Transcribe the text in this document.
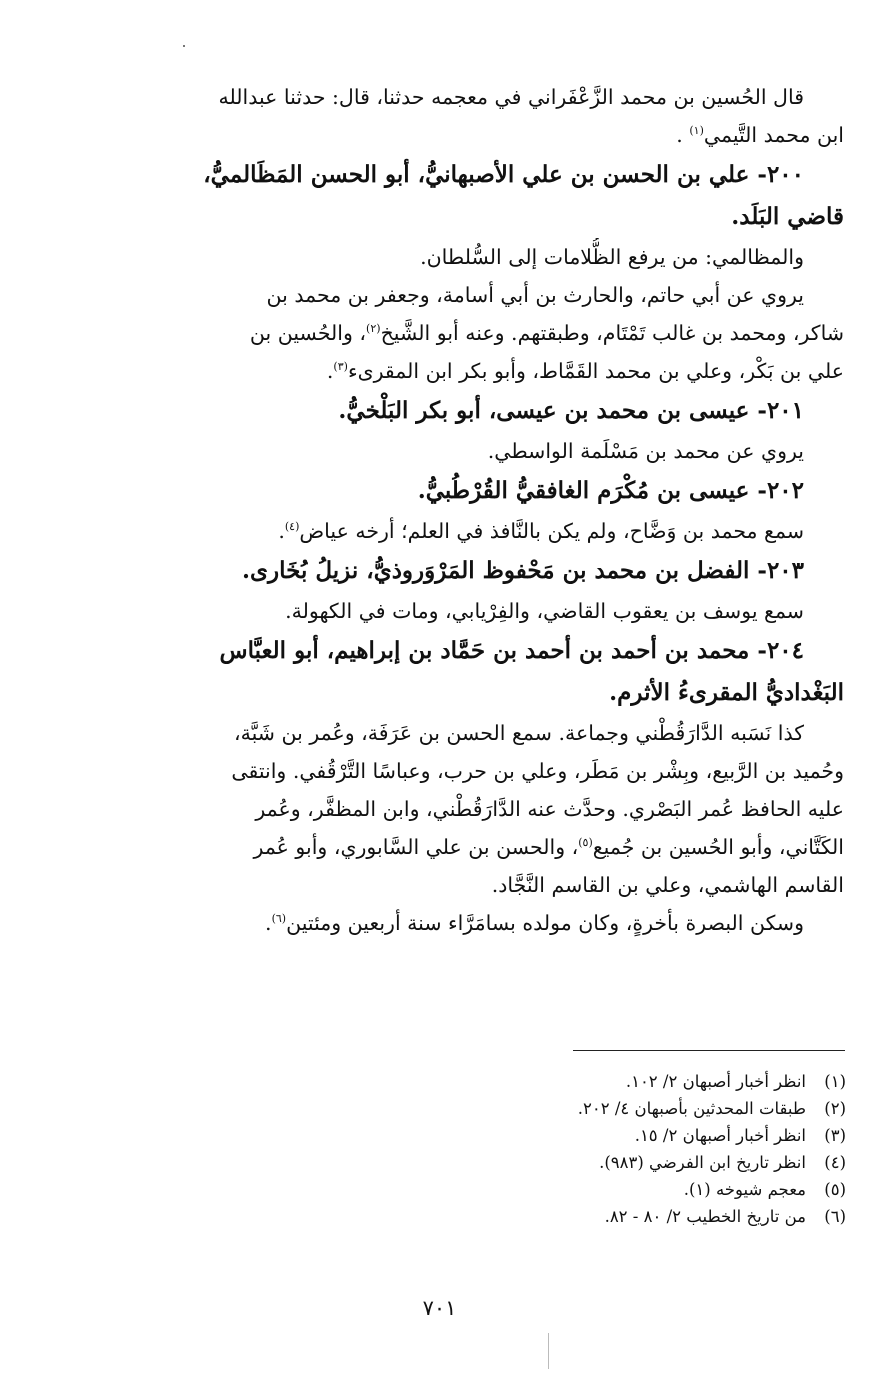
قال الحُسين بن محمد الزَّعْفَراني في معجمه حدثنا، قال: حدثنا عبدالله
ابن محمد التَّيمي$^{(١)}$ .
٢٠٠- علي بن الحسن بن علي الأصبهانيُّ، أبو الحسن المَظَالميُّ،
قاضي البَلَد.
والمظالمي: من يرفع الظُّلامات إلى السُّلطان.
يروي عن أبي حاتم، والحارث بن أبي أسامة، وجعفر بن محمد بن
شاكر، ومحمد بن غالب تَمْتَام، وطبقتهم. وعنه أبو الشَّيخ$^{(٢)}$، والحُسين بن
علي بن بَكْر، وعلي بن محمد القَمَّاط، وأبو بكر ابن المقرىء$^{(٣)}$.
٢٠١- عيسى بن محمد بن عيسى، أبو بكر البَلْخيُّ.
يروي عن محمد بن مَسْلَمة الواسطي.
٢٠٢- عيسى بن مُكْرَم الغافقيُّ القُرْطُبيُّ.
سمع محمد بن وَضَّاح، ولم يكن بالنَّافذ في العلم؛ أرخه عياض$^{(٤)}$.
٢٠٣- الفضل بن محمد بن مَحْفوظ المَرْوَروذيُّ، نزيلُ بُخَارى.
سمع يوسف بن يعقوب القاضي، والفِرْيابي، ومات في الكهولة.
٢٠٤- محمد بن أحمد بن أحمد بن حَمَّاد بن إبراهيم، أبو العبَّاس
البَغْداديُّ المقرىءُ الأثرم.
كذا نَسَبه الدَّارَقُطْني وجماعة. سمع الحسن بن عَرَفَة، وعُمر بن شَبَّة،
وحُميد بن الرَّبيع، وبِشْر بن مَطَر، وعلي بن حرب، وعباسًا التَّرْقُفي. وانتقى
عليه الحافظ عُمر البَصْري. وحدَّث عنه الدَّارَقُطْني، وابن المظفَّر، وعُمر
الكَتَّاني، وأبو الحُسين بن جُميع$^{(٥)}$، والحسن بن علي السَّابوري، وأبو عُمر
القاسم الهاشمي، وعلي بن القاسم النَّجَّاد.
وسكن البصرة بأخرةٍ، وكان مولده بسامَرَّاء سنة أربعين ومئتين$^{(٦)}$.
(١)انظر أخبار أصبهان ٢/ ١٠٢.
(٢)طبقات المحدثين بأصبهان ٤/ ٢٠٢.
(٣)انظر أخبار أصبهان ٢/ ١٥.
(٤)انظر تاريخ ابن الفرضي (٩٨٣).
(٥)معجم شيوخه (١).
(٦)من تاريخ الخطيب ٢/ ٨٠ - ٨٢.
٧٠١
